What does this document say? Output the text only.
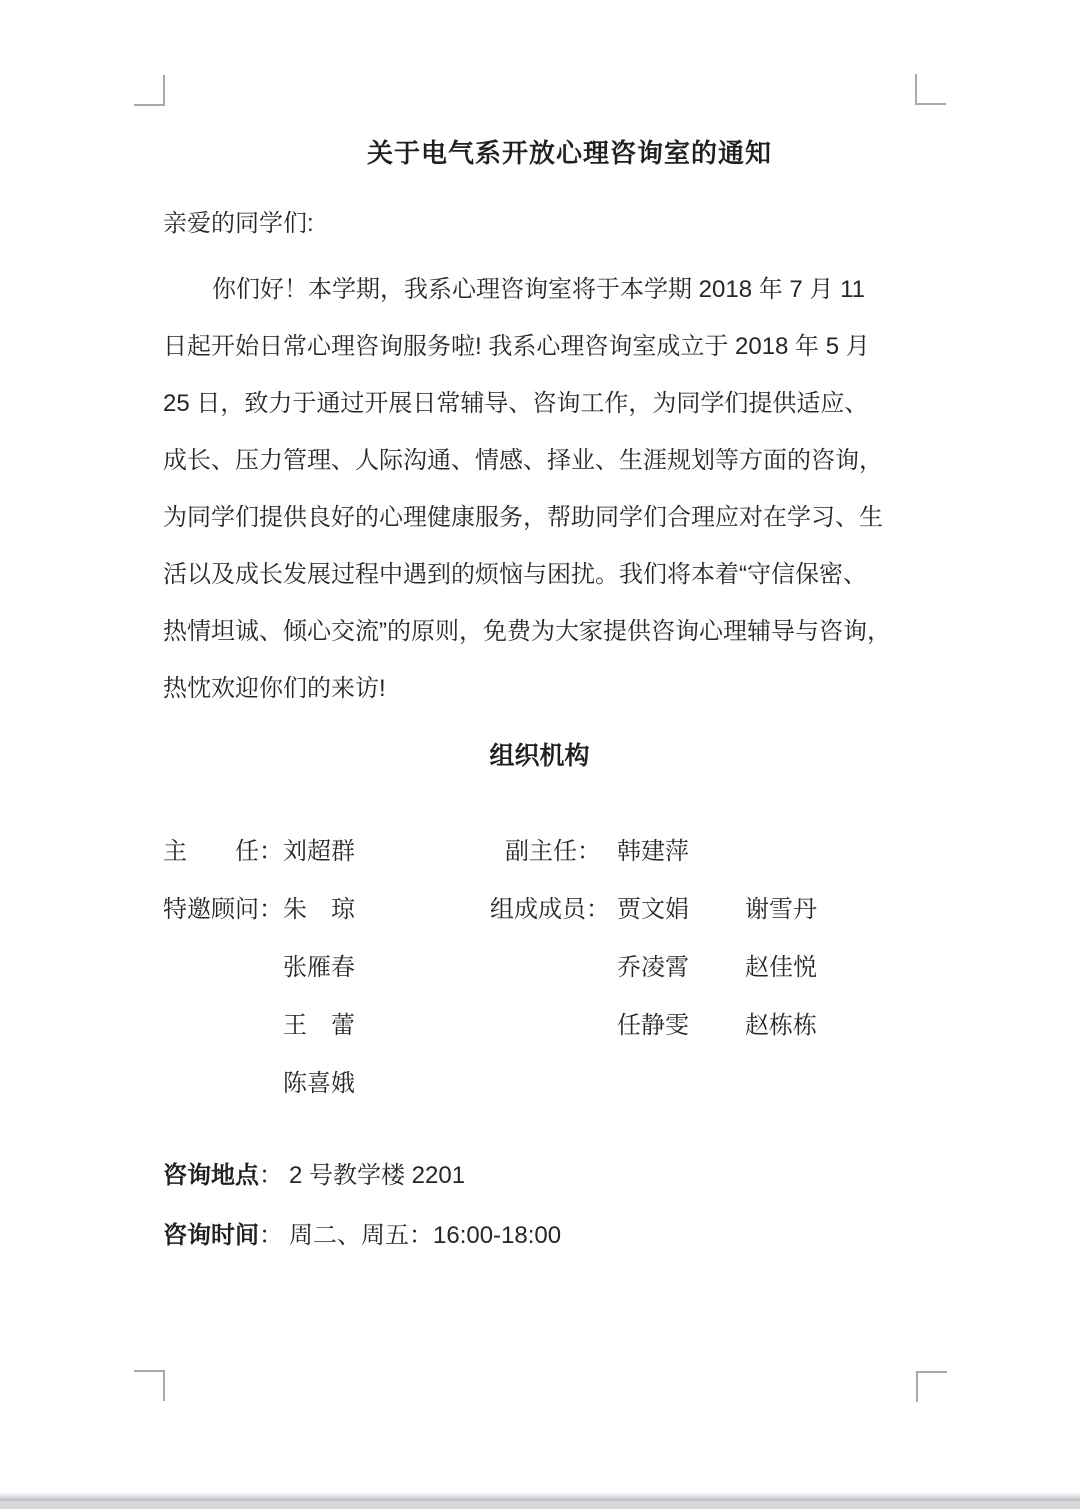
关于电气系开放心理咨询室的通知
亲爱的同学们:
你们好！本学期，我系心理咨询室将于本学期 2018 年 7 月 11
日起开始日常心理咨询服务啦! 我系心理咨询室成立于 2018 年 5 月
25 日，致力于通过开展日常辅导、咨询工作，为同学们提供适应、
成长、压力管理、人际沟通、情感、择业、生涯规划等方面的咨询，
为同学们提供良好的心理健康服务，帮助同学们合理应对在学习、生
活以及成长发展过程中遇到的烦恼与困扰。我们将本着“守信保密、
热情坦诚、倾心交流”的原则，免费为大家提供咨询心理辅导与咨询，
热忱欢迎你们的来访!
组织机构
主　　任： 刘超群	副主任： 韩建萍
特邀顾问： 朱　琼	组成成员： 贾文娟 谢雪丹
张雁春	乔凌霄 赵佳悦
王　蕾	任静雯 赵栋栋
陈喜娥
咨询地点： 2 号教学楼 2201
咨询时间： 周二、周五：16:00-18:00
